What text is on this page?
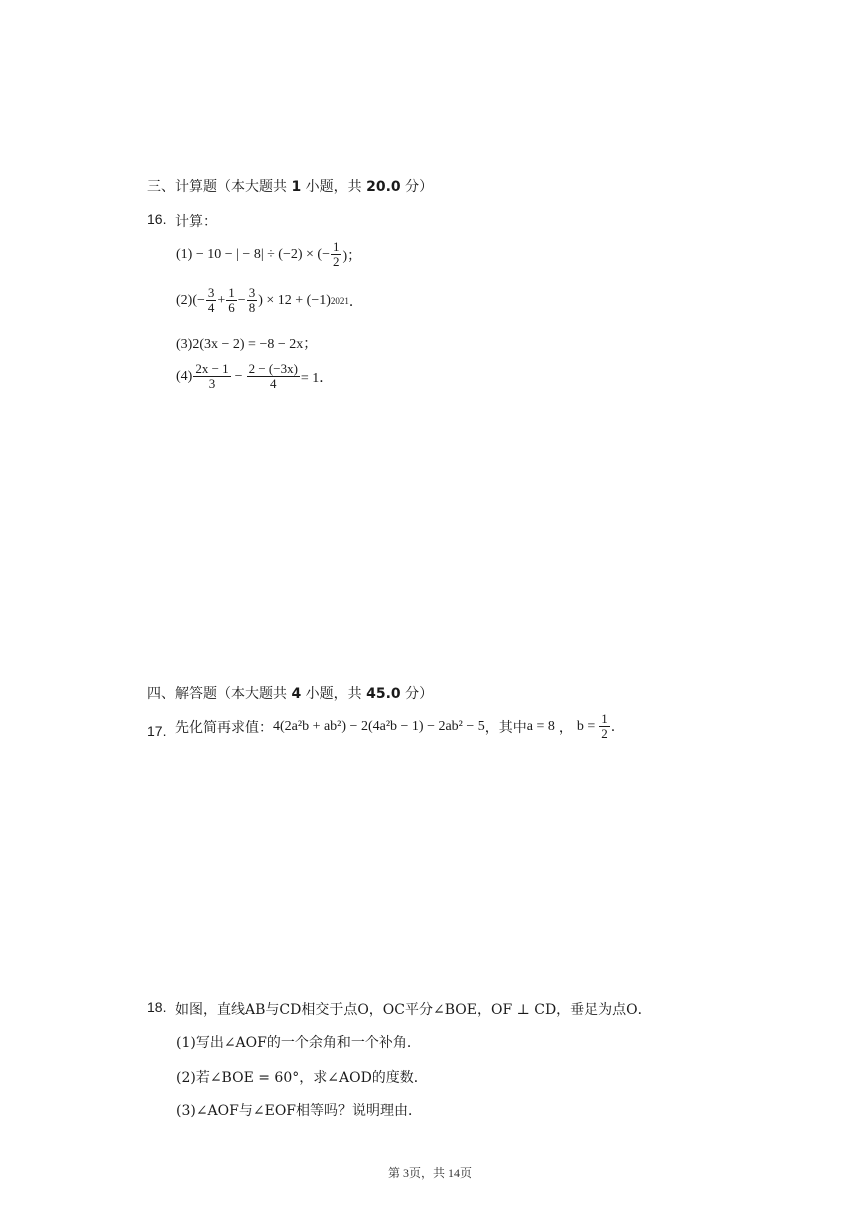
三、计算题（本大题共 1 小题，共 20.0 分）
16. 计算：
(1) − 10 − | − 8| ÷ (−2) × (− $\frac{1}{2}$ )；
$(2)(- \frac{3}{4} + \frac{1}{6} - \frac{3}{8}$ ) × 12 + (−1) 2021 ．
(3)2(3x − 2) = −8 − 2x；
$(4) \frac{2x - 1}{3} - \frac{2 - (-3x)}{4} = 1$．
四、解答题（本大题共 4 小题，共 45.0 分）
17. 先化简再求值： 4(2a²b + ab²) − 2(4a²b − 1) − 2ab² − 5 ，其中 a = 8 ， $b = \frac{1}{2}$ .
18. 如图，直线AB与CD相交于点O，OC平分∠BOE，OF ⊥ CD，垂足为点O．
(1)写出∠AOF的一个余角和一个补角．
(2)若∠BOE = 60°，求∠AOD的度数．
(3)∠AOF与∠EOF相等吗？说明理由．
第 3页，共 14页
